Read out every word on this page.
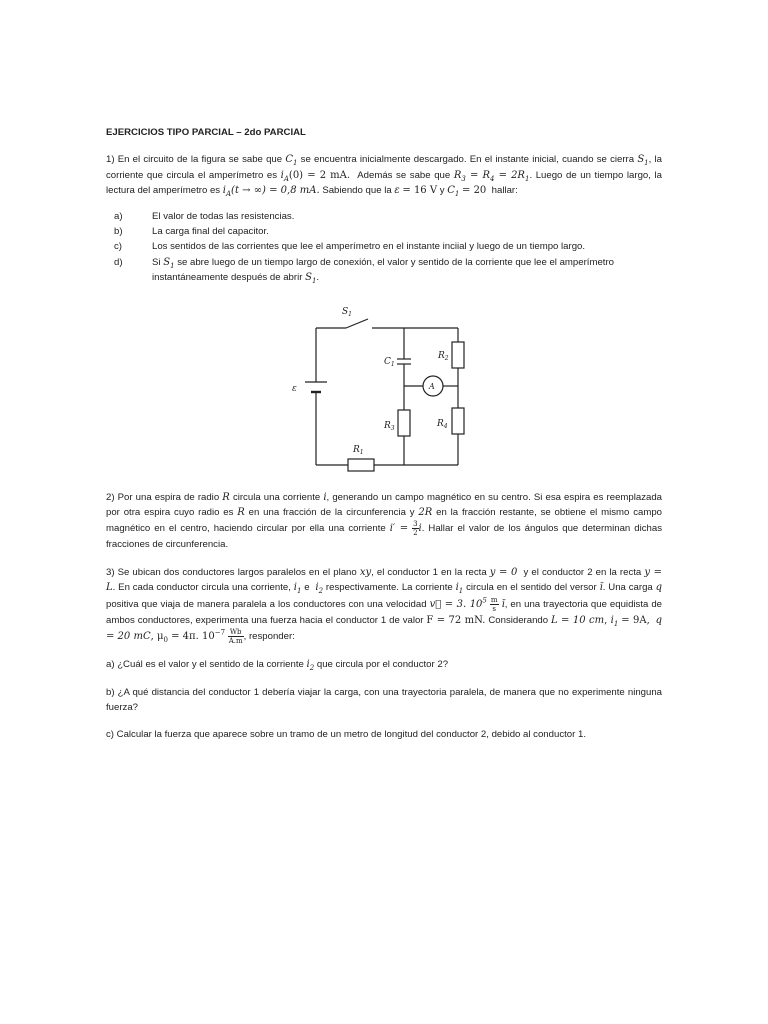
EJERCICIOS TIPO PARCIAL – 2do PARCIAL

1) En el circuito de la figura se sabe que $C_1$ se encuentra inicialmente descargado. En el instante inicial, cuando se cierra $S_1$, la corriente que circula el amperímetro es $i_A(0) = 2$ mA. Además se sabe que $R_3 = R_4 = 2R_1$. Luego de un tiempo largo, la lectura del amperímetro es $i_A(t$ → ∞) = 0,8 mA. Sabiendo que la ε = 16 V y $C_1 = 20$ hallar:

a)	El valor de todas las resistencias.
b)	La carga final del capacitor.
c)	Los sentidos de las corrientes que lee el amperímetro en el instante inciial y luego de un tiempo largo.
d)	Si $S_1$ se abre luego de un tiempo largo de conexión, el valor y sentido de la corriente que lee el amperímetro instantáneamente después de abrir $S_1$.
$S_1$
$C_1$
$R_2$
A
ε
$R_3$	$R_4$
$R_1$

2) Por una espira de radio R circula una corriente i, generando un campo magnético en su centro. Si esa espira es reemplazada por otra espira cuyo radio es R en una fracción de la circunferencia y 2R en la fracción restante, se obtiene el mismo campo magnético en el centro, haciendo circular por ella una corriente $i' = \frac{3}{2} i$. Hallar el valor de los ángulos que determinan dichas fracciones de circunferencia.

3) Se ubican dos conductores largos paralelos en el plano xy, el conductor 1 en la recta y = 0 y el conductor 2 en la recta y = L. En cada conductor circula una corriente, $i_1$ e $i_2$ respectivamente. La corriente $i_1$ circula en el sentido del versor ĭ. Una carga q positiva que viaja de manera paralela a los conductores con una velocidad v⃗ = 3. $10^5 \frac{m}{s}$ ĭ, en una trayectoria que equidista de ambos conductores, experimenta una fuerza hacia el conductor 1 de valor F = 72 mN. Considerando L = 10 cm, $i_1 = 9A$, q = 20 mC, $\mu_0 = 4\pi$. $10^{-7} \frac{Wb}{A.m}$ , responder:

a) ¿Cuál es el valor y el sentido de la corriente $i_2$ que circula por el conductor 2?

b) ¿A qué distancia del conductor 1 debería viajar la carga, con una trayectoria paralela, de manera que no experimente ninguna fuerza?

c) Calcular la fuerza que aparece sobre un tramo de un metro de longitud del conductor 2, debido al conductor 1.
